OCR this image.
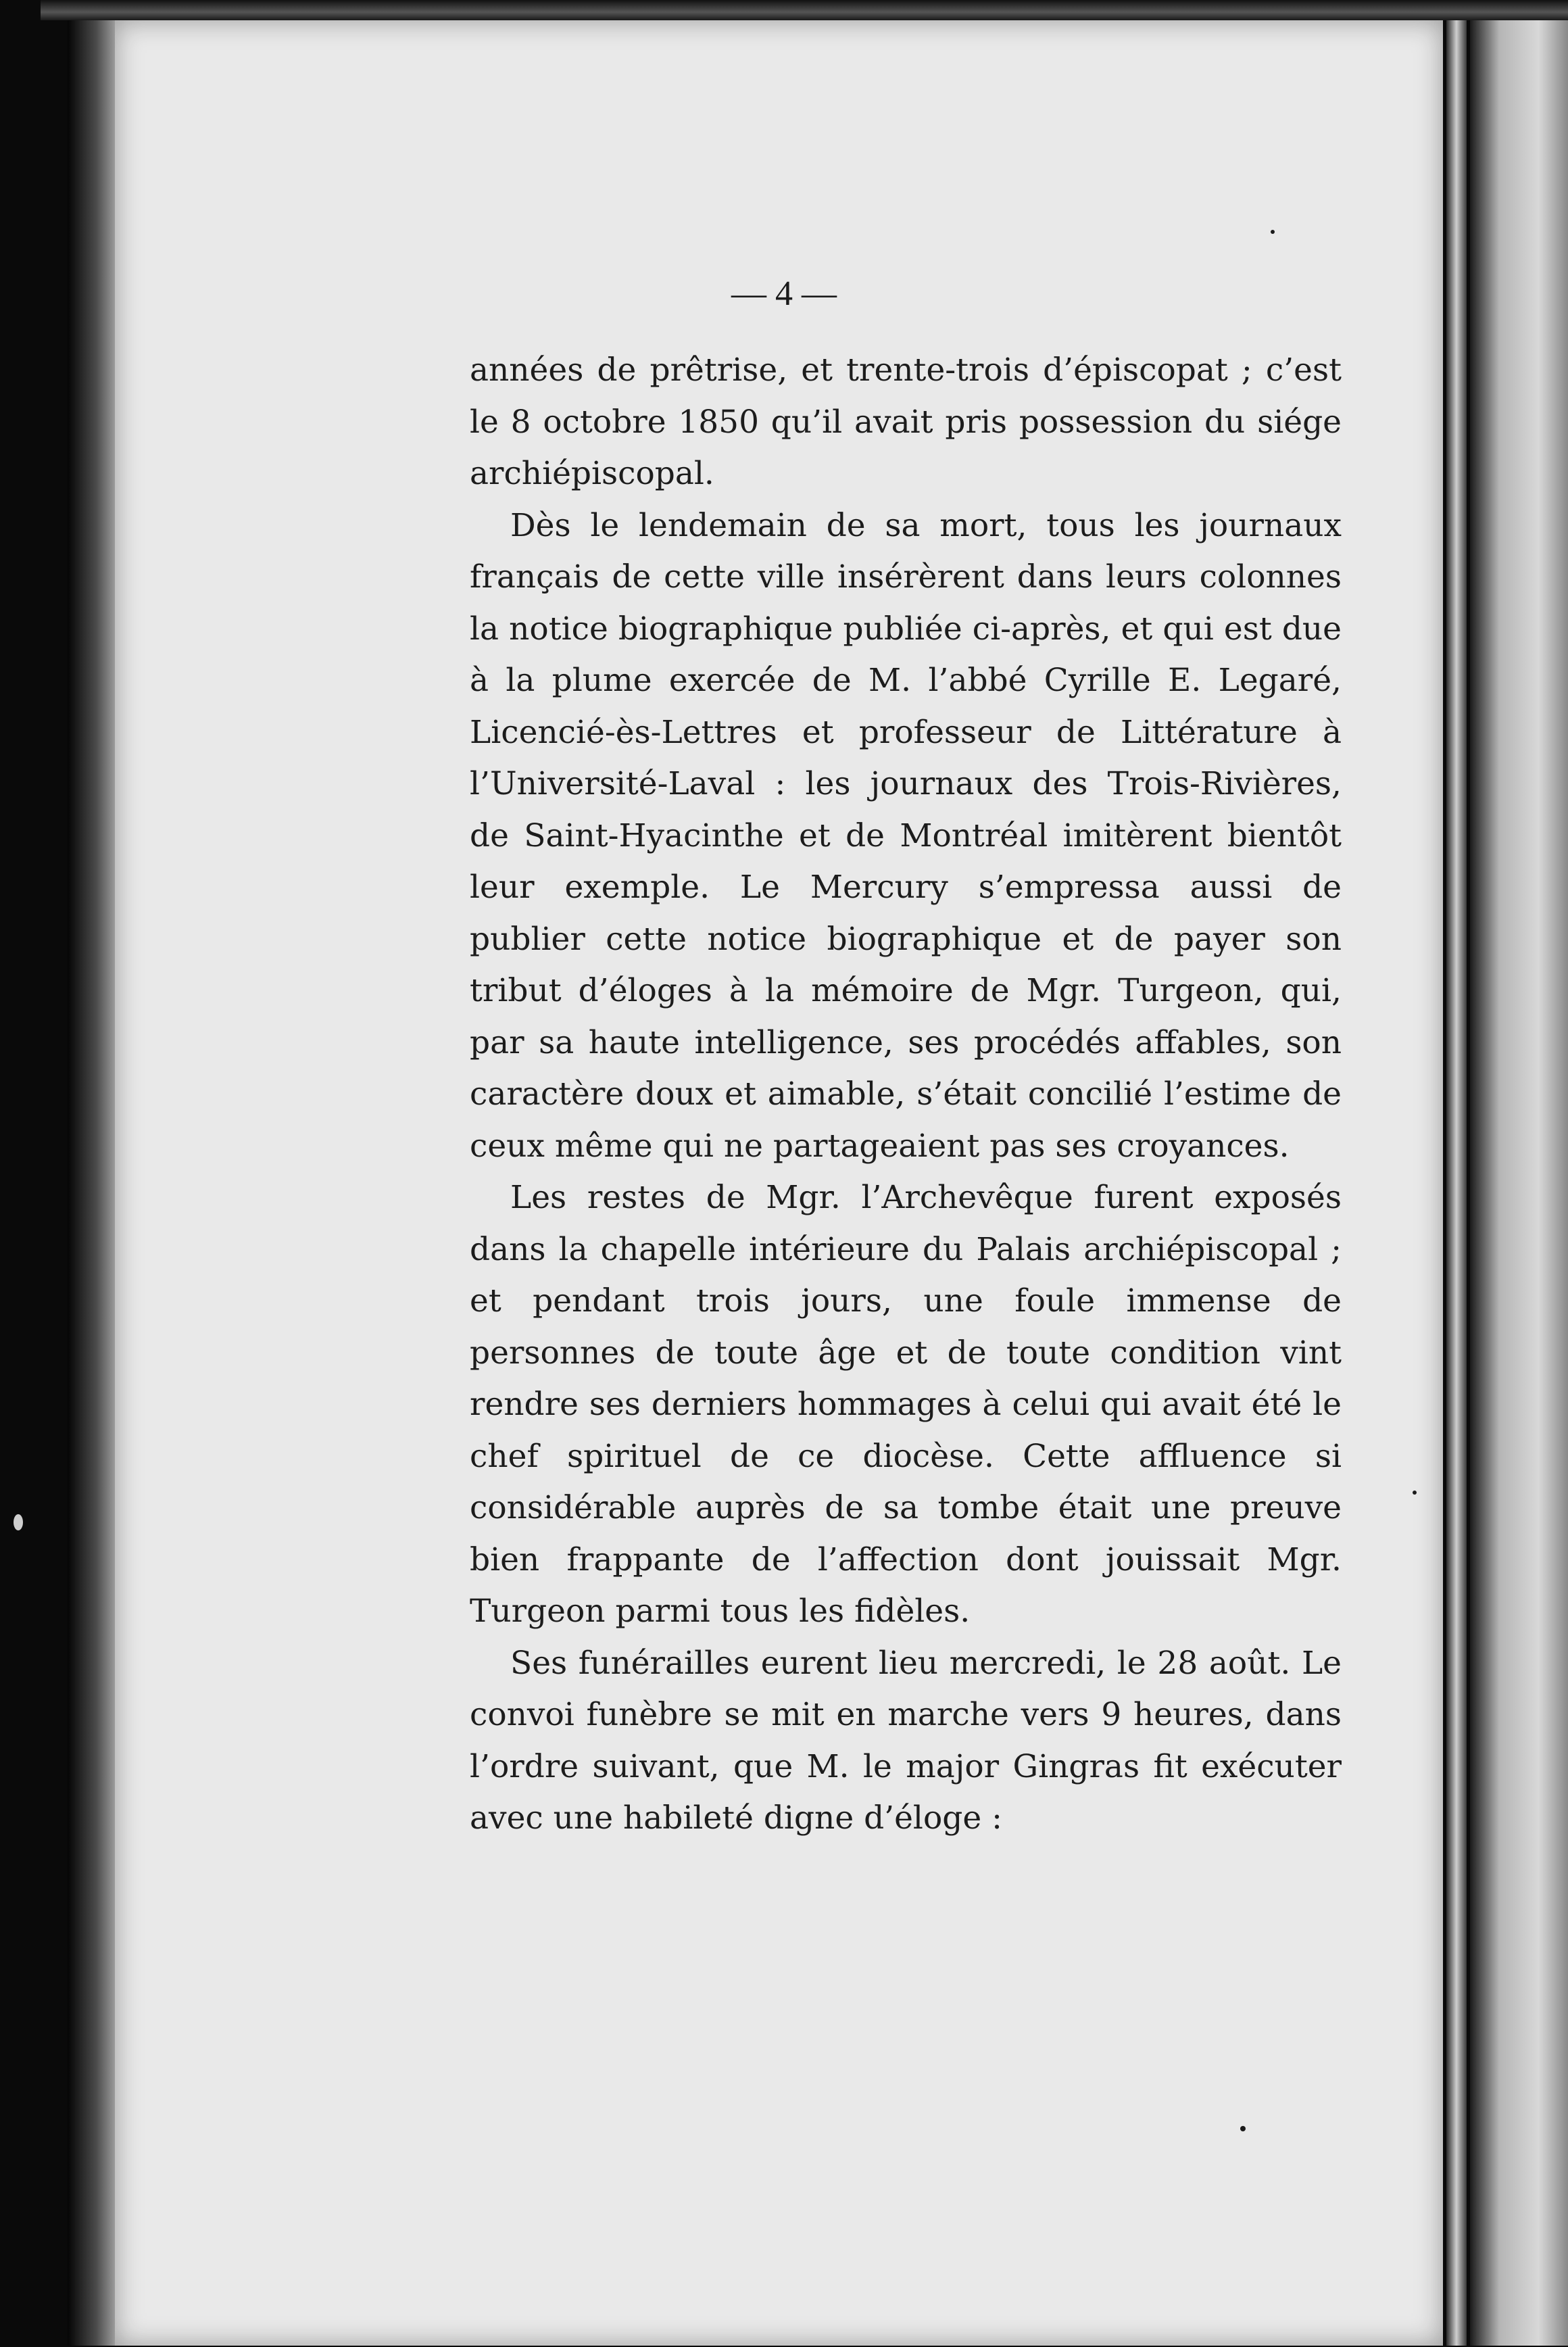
— 4 —

années de prêtrise, et trente-trois d’épiscopat ; c’est le 8 octobre 1850 qu’il avait pris possession du siége archiépiscopal.

Dès le lendemain de sa mort, tous les journaux français de cette ville insérèrent dans leurs colonnes la notice biographique publiée ci-après, et qui est due à la plume exercée de M. l’abbé Cyrille E. Legaré, Licencié-ès-Lettres et professeur de Littérature à l’Université-Laval : les journaux des Trois-Rivières, de Saint-Hyacinthe et de Montréal imitèrent bientôt leur exemple. Le Mercury s’empressa aussi de publier cette notice biographique et de payer son tribut d’éloges à la mémoire de Mgr. Turgeon, qui, par sa haute intelligence, ses procédés affables, son caractère doux et aimable, s’était concilié l’estime de ceux même qui ne partageaient pas ses croyances.

Les restes de Mgr. l’Archevêque furent exposés dans la chapelle intérieure du Palais archiépiscopal ; et pendant trois jours, une foule immense de personnes de toute âge et de toute condition vint rendre ses derniers hommages à celui qui avait été le chef spirituel de ce diocèse. Cette affluence si considérable auprès de sa tombe était une preuve bien frappante de l’affection dont jouissait Mgr. Turgeon parmi tous les fidèles.

Ses funérailles eurent lieu mercredi, le 28 août. Le convoi funèbre se mit en marche vers 9 heures, dans l’ordre suivant, que M. le major Gingras fit exécuter avec une habileté digne d’éloge :
